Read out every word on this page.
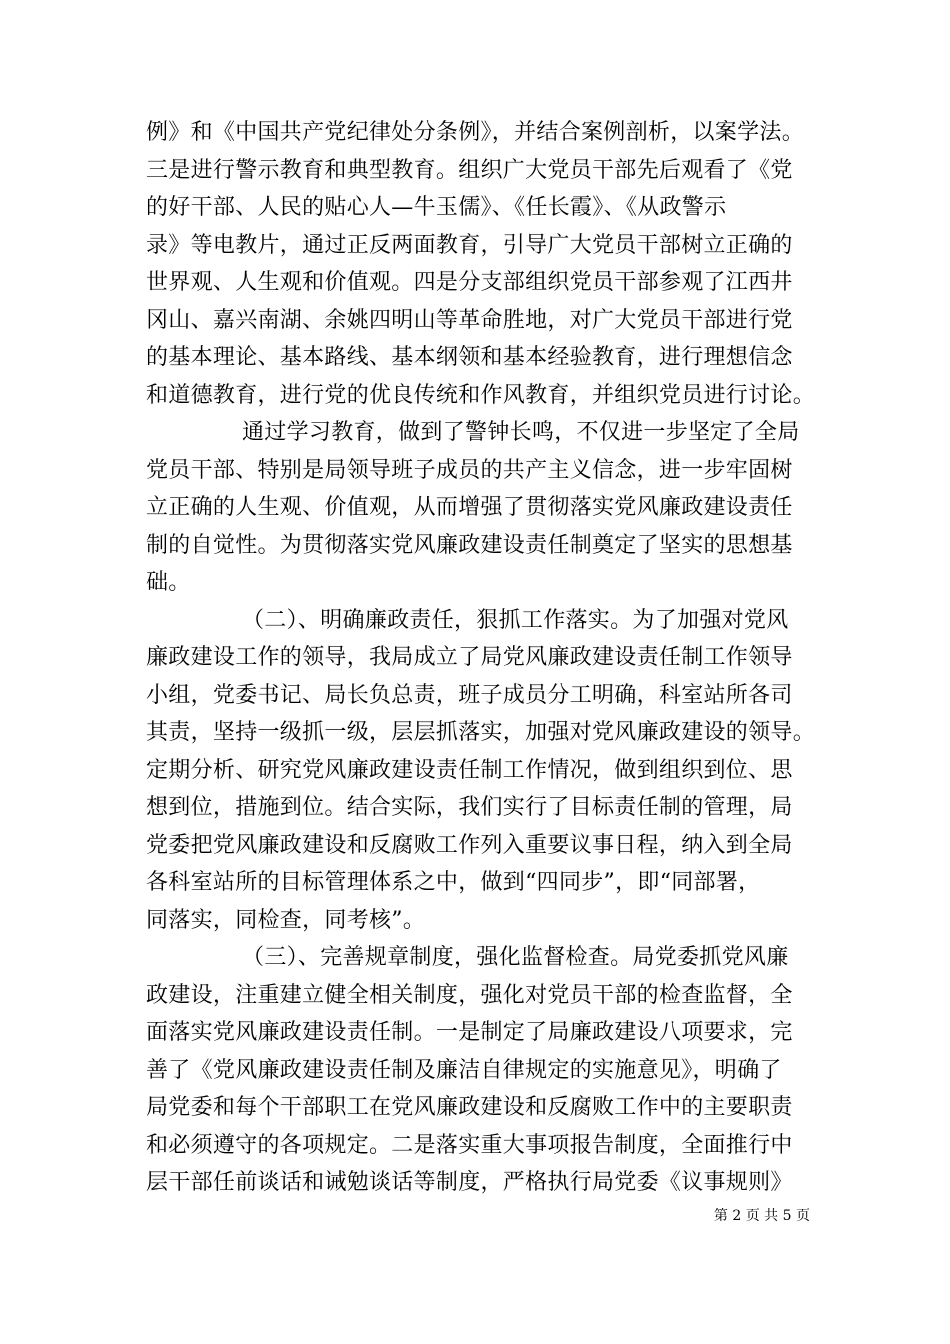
例》和《中国共产党纪律处分条例》，并结合案例剖析，以案学法。
三是进行警示教育和典型教育。组织广大党员干部先后观看了《党
的好干部、人民的贴心人—牛玉儒》、《任长霞》、《从政警示
录》等电教片，通过正反两面教育，引导广大党员干部树立正确的
世界观、人生观和价值观。四是分支部组织党员干部参观了江西井
冈山、嘉兴南湖、余姚四明山等革命胜地，对广大党员干部进行党
的基本理论、基本路线、基本纲领和基本经验教育，进行理想信念
和道德教育，进行党的优良传统和作风教育，并组织党员进行讨论。
通过学习教育，做到了警钟长鸣，不仅进一步坚定了全局
党员干部、特别是局领导班子成员的共产主义信念，进一步牢固树
立正确的人生观、价值观，从而增强了贯彻落实党风廉政建设责任
制的自觉性。为贯彻落实党风廉政建设责任制奠定了坚实的思想基
础。
（二）、明确廉政责任，狠抓工作落实。为了加强对党风
廉政建设工作的领导，我局成立了局党风廉政建设责任制工作领导
小组，党委书记、局长负总责，班子成员分工明确，科室站所各司
其责，坚持一级抓一级，层层抓落实，加强对党风廉政建设的领导。
定期分析、研究党风廉政建设责任制工作情况，做到组织到位、思
想到位，措施到位。结合实际，我们实行了目标责任制的管理，局
党委把党风廉政建设和反腐败工作列入重要议事日程，纳入到全局
各科室站所的目标管理体系之中，做到“四同步”，即“同部署，
同落实，同检查，同考核”。
（三）、完善规章制度，强化监督检查。局党委抓党风廉
政建设，注重建立健全相关制度，强化对党员干部的检查监督，全
面落实党风廉政建设责任制。一是制定了局廉政建设八项要求，完
善了《党风廉政建设责任制及廉洁自律规定的实施意见》，明确了
局党委和每个干部职工在党风廉政建设和反腐败工作中的主要职责
和必须遵守的各项规定。二是落实重大事项报告制度，全面推行中
层干部任前谈话和诫勉谈话等制度，严格执行局党委《议事规则》
第 2 页 共 5 页
